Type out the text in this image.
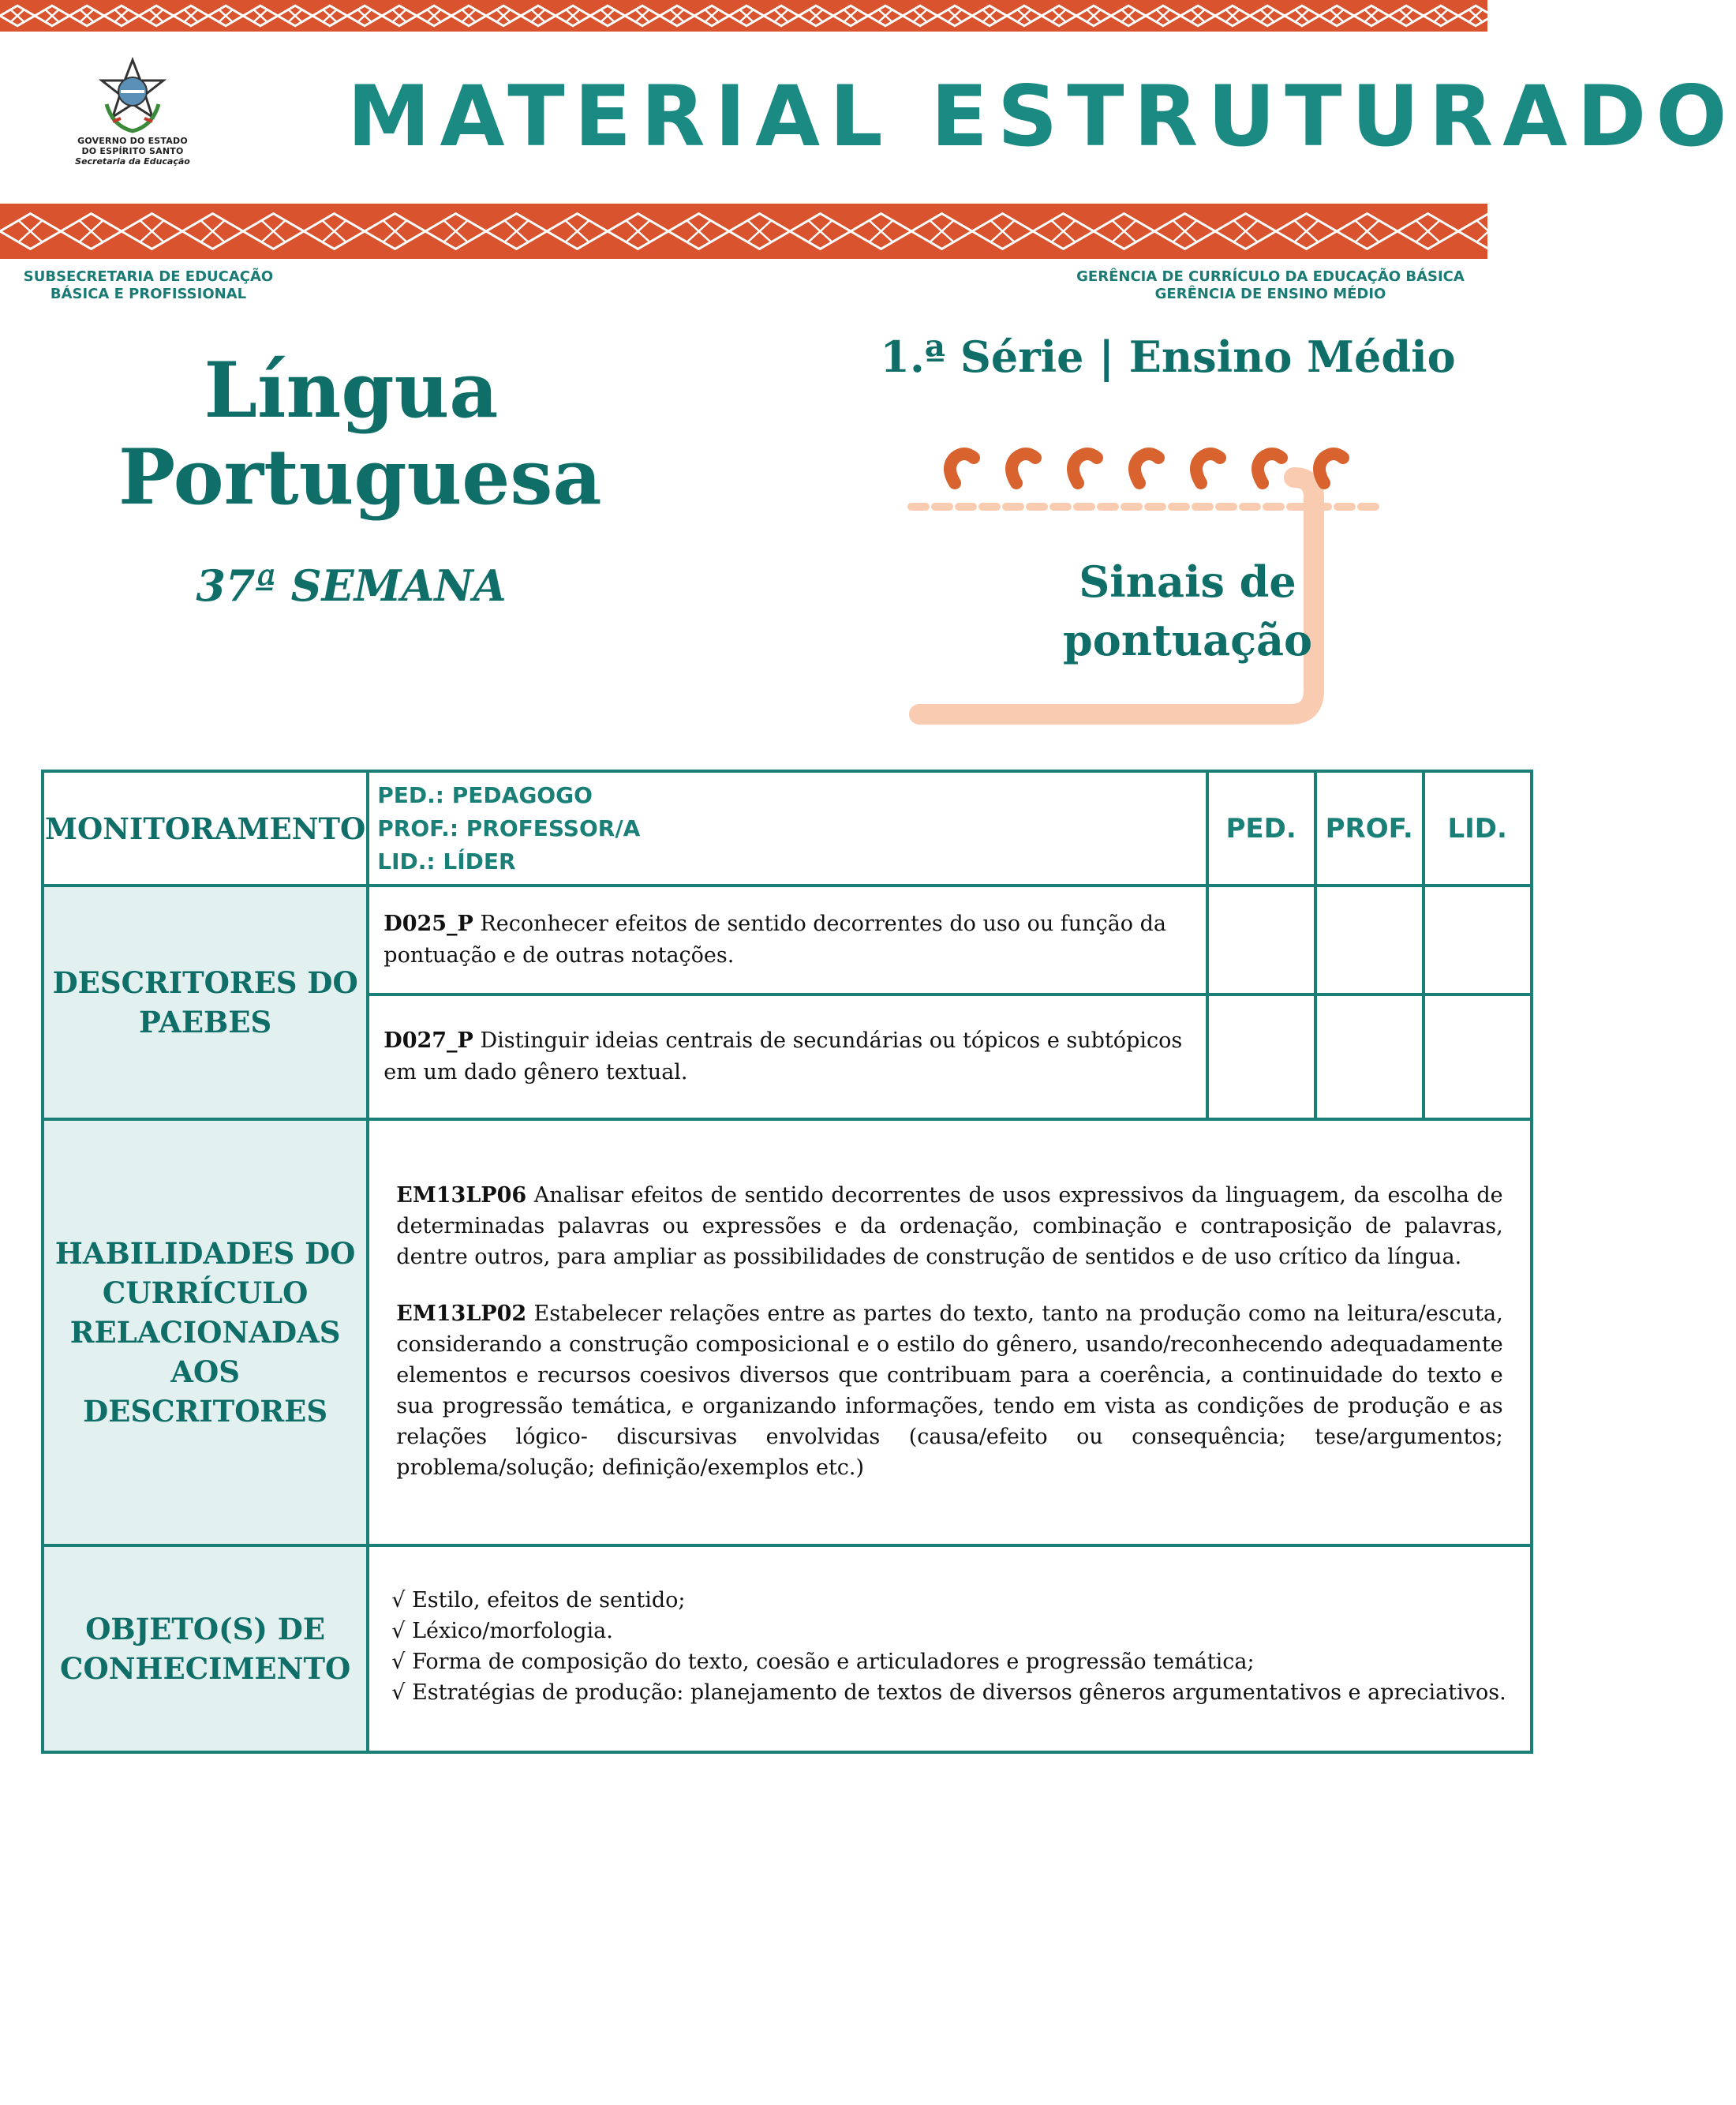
GOVERNO DO ESTADO
DO ESPÍRITO SANTO
Secretaria da Educação MATERIAL ESTRUTURADO
SUBSECRETARIA DE EDUCAÇÃO
BÁSICA E PROFISSIONAL
GERÊNCIA DE CURRÍCULO DA EDUCAÇÃO BÁSICA
GERÊNCIA DE ENSINO MÉDIO
Língua
Portuguesa
37ª SEMANA
1.ª Série | Ensino Médio
Sinais de
pontuação
MONITORAMENTO	PED.: PEDAGOGO
PROF.: PROFESSOR/A
LID.: LÍDER	PED.	PROF.	LID.
DESCRITORES DO PAEBES	D025_P Reconhecer efeitos de sentido decorrentes do uso ou função da pontuação e de outras notações.			
	D027_P Distinguir ideias centrais de secundárias ou tópicos e subtópicos em um dado gênero textual.			
HABILIDADES DO CURRÍCULO RELACIONADAS AOS DESCRITORES	EM13LP06 Analisar efeitos de sentido decorrentes de usos expressivos da linguagem, da escolha de determinadas palavras ou expressões e da ordenação, combinação e contraposição de palavras, dentre outros, para ampliar as possibilidades de construção de sentidos e de uso crítico da língua.

EM13LP02 Estabelecer relações entre as partes do texto, tanto na produção como na leitura/escuta, considerando a construção composicional e o estilo do gênero, usando/reconhecendo adequadamente elementos e recursos coesivos diversos que contribuam para a coerência, a continuidade do texto e sua progressão temática, e organizando informações, tendo em vista as condições de produção e as relações lógico- discursivas envolvidas (causa/efeito ou consequência; tese/argumentos; problema/solução; definição/exemplos etc.)			

OBJETO(S) DE CONHECIMENTO	√ Estilo, efeitos de sentido;
√ Léxico/morfologia.
√ Forma de composição do texto, coesão e articuladores e progressão temática;
√ Estratégias de produção: planejamento de textos de diversos gêneros argumentativos e apreciativos.			
